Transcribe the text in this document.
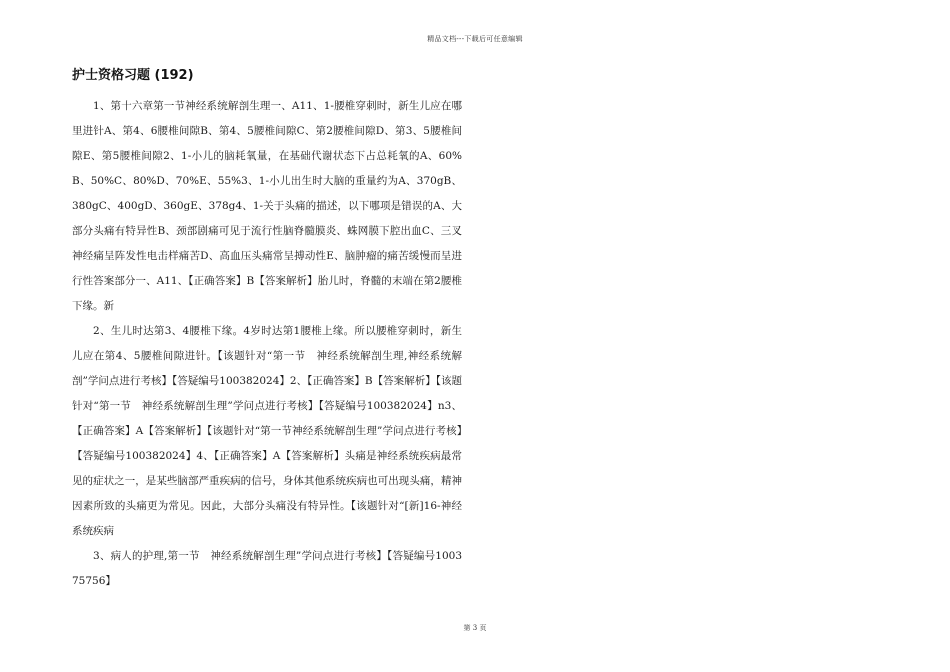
精品文档---下载后可任意编辑
护士资格习题 (192)

1、第十六章第一节神经系统解剖生理一、A11、1-腰椎穿刺时，新生儿应在哪里进针A、第4、6腰椎间隙B、第4、5腰椎间隙C、第2腰椎间隙D、第3、5腰椎间隙E、第5腰椎间隙2、1-小儿的脑耗氧量，在基础代谢状态下占总耗氧的A、60%B、50%C、80%D、70%E、55%3、1-小儿出生时大脑的重量约为A、370gB、380gC、400gD、360gE、378g4、1-关于头痛的描述，以下哪项是错误的A、大部分头痛有特异性B、颈部剧痛可见于流行性脑脊髓膜炎、蛛网膜下腔出血C、三叉神经痛呈阵发性电击样痛苦D、高血压头痛常呈搏动性E、脑肿瘤的痛苦缓慢而呈进行性答案部分一、A11、【正确答案】B【答案解析】胎儿时，脊髓的末端在第2腰椎下缘。新

2、生儿时达第3、4腰椎下缘。4岁时达第1腰椎上缘。所以腰椎穿刺时，新生儿应在第4、5腰椎间隙进针。【该题针对“第一节　神经系统解剖生理,神经系统解剖”学问点进行考核】【答疑编号100382024】2、【正确答案】B【答案解析】【该题针对“第一节　神经系统解剖生理”学问点进行考核】【答疑编号100382024】n3、【正确答案】A【答案解析】【该题针对“第一节神经系统解剖生理”学问点进行考核】【答疑编号100382024】4、【正确答案】A【答案解析】头痛是神经系统疾病最常见的症状之一，是某些脑部严重疾病的信号，身体其他系统疾病也可出现头痛，精神因素所致的头痛更为常见。因此，大部分头痛没有特异性。【该题针对“[新]16-神经系统疾病

3、病人的护理,第一节　神经系统解剖生理”学问点进行考核】【答疑编号100375756】

第 3 页
